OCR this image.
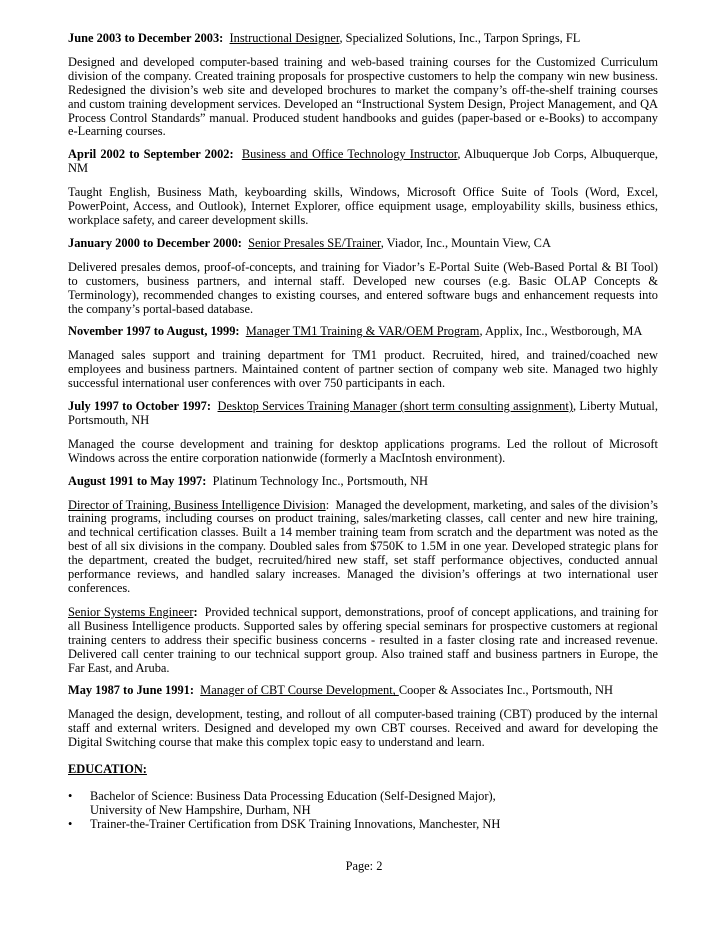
June 2003 to December 2003: Instructional Designer, Specialized Solutions, Inc., Tarpon Springs, FL

Designed and developed computer-based training and web-based training courses for the Customized Curriculum division of the company. Created training proposals for prospective customers to help the company win new business. Redesigned the division’s web site and developed brochures to market the company’s off-the-shelf training courses and custom training development services. Developed an “Instructional System Design, Project Management, and QA Process Control Standards” manual. Produced student handbooks and guides (paper-based or e-Books) to accompany e-Learning courses.

April 2002 to September 2002: Business and Office Technology Instructor, Albuquerque Job Corps, Albuquerque, NM

Taught English, Business Math, keyboarding skills, Windows, Microsoft Office Suite of Tools (Word, Excel, PowerPoint, Access, and Outlook), Internet Explorer, office equipment usage, employability skills, business ethics, workplace safety, and career development skills.

January 2000 to December 2000: Senior Presales SE/Trainer, Viador, Inc., Mountain View, CA

Delivered presales demos, proof-of-concepts, and training for Viador’s E-Portal Suite (Web-Based Portal & BI Tool) to customers, business partners, and internal staff. Developed new courses (e.g. Basic OLAP Concepts & Terminology), recommended changes to existing courses, and entered software bugs and enhancement requests into the company’s portal-based database.

November 1997 to August, 1999: Manager TM1 Training & VAR/OEM Program, Applix, Inc., Westborough, MA

Managed sales support and training department for TM1 product. Recruited, hired, and trained/coached new employees and business partners. Maintained content of partner section of company web site. Managed two highly successful international user conferences with over 750 participants in each.

July 1997 to October 1997: Desktop Services Training Manager (short term consulting assignment), Liberty Mutual, Portsmouth, NH

Managed the course development and training for desktop applications programs. Led the rollout of Microsoft Windows across the entire corporation nationwide (formerly a MacIntosh environment).

August 1991 to May 1997: Platinum Technology Inc., Portsmouth, NH

Director of Training, Business Intelligence Division: Managed the development, marketing, and sales of the division’s training programs, including courses on product training, sales/marketing classes, call center and new hire training, and technical certification classes. Built a 14 member training team from scratch and the department was noted as the best of all six divisions in the company. Doubled sales from $750K to 1.5M in one year. Developed strategic plans for the department, created the budget, recruited/hired new staff, set staff performance objectives, conducted annual performance reviews, and handled salary increases. Managed the division’s offerings at two international user conferences.

Senior Systems Engineer: Provided technical support, demonstrations, proof of concept applications, and training for all Business Intelligence products. Supported sales by offering special seminars for prospective customers at regional training centers to address their specific business concerns - resulted in a faster closing rate and increased revenue. Delivered call center training to our technical support group. Also trained staff and business partners in Europe, the Far East, and Aruba.

May 1987 to June 1991: Manager of CBT Course Development, Cooper & Associates Inc., Portsmouth, NH

Managed the design, development, testing, and rollout of all computer-based training (CBT) produced by the internal staff and external writers. Designed and developed my own CBT courses. Received and award for developing the Digital Switching course that make this complex topic easy to understand and learn.

EDUCATION:

• Bachelor of Science: Business Data Processing Education (Self-Designed Major),
University of New Hampshire, Durham, NH
• Trainer-the-Trainer Certification from DSK Training Innovations, Manchester, NH
Page: 2
